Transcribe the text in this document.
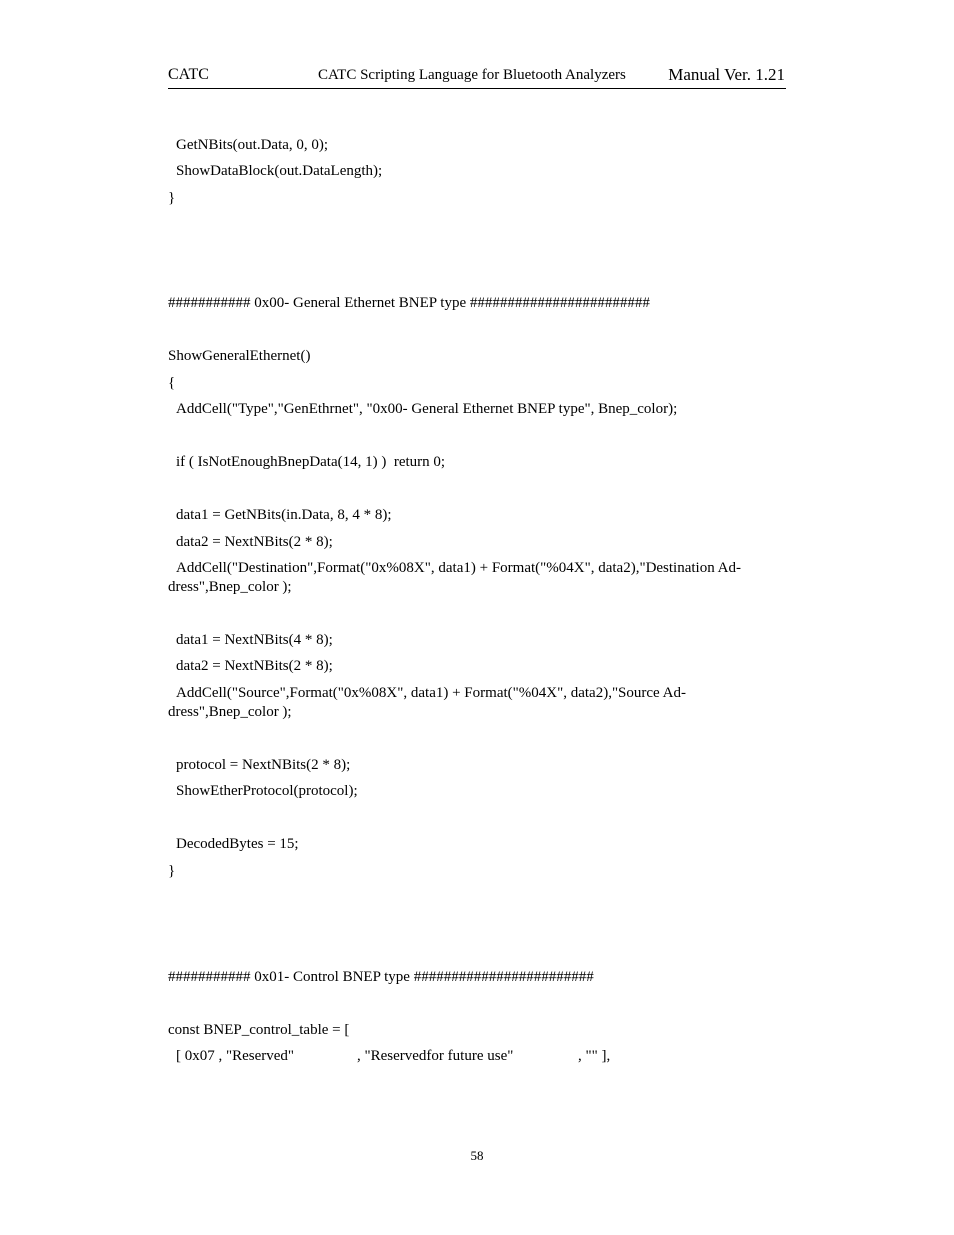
CATC	CATC Scripting Language for Bluetooth Analyzers Manual Ver. 1.21
GetNBits(out.Data, 0, 0);
ShowDataBlock(out.DataLength);
}
########### 0x00- General Ethernet BNEP type ########################
ShowGeneralEthernet()
{
AddCell("Type","GenEthrnet", "0x00- General Ethernet BNEP type", Bnep_color);
if ( IsNotEnoughBnepData(14, 1) )  return 0;
data1 = GetNBits(in.Data, 8, 4 * 8);
data2 = NextNBits(2 * 8);
AddCell("Destination",Format("0x%08X", data1) + Format("%04X", data2),"Destination Ad-
dress",Bnep_color );
data1 = NextNBits(4 * 8);
data2 = NextNBits(2 * 8);
AddCell("Source",Format("0x%08X", data1) + Format("%04X", data2),"Source Ad-
dress",Bnep_color );
protocol = NextNBits(2 * 8);
ShowEtherProtocol(protocol);
DecodedBytes = 15;
}
########### 0x01- Control BNEP type ########################
const BNEP_control_table = [
[ 0x07 , "Reserved"	, "Reservedfor future use"	, "" ],
58
